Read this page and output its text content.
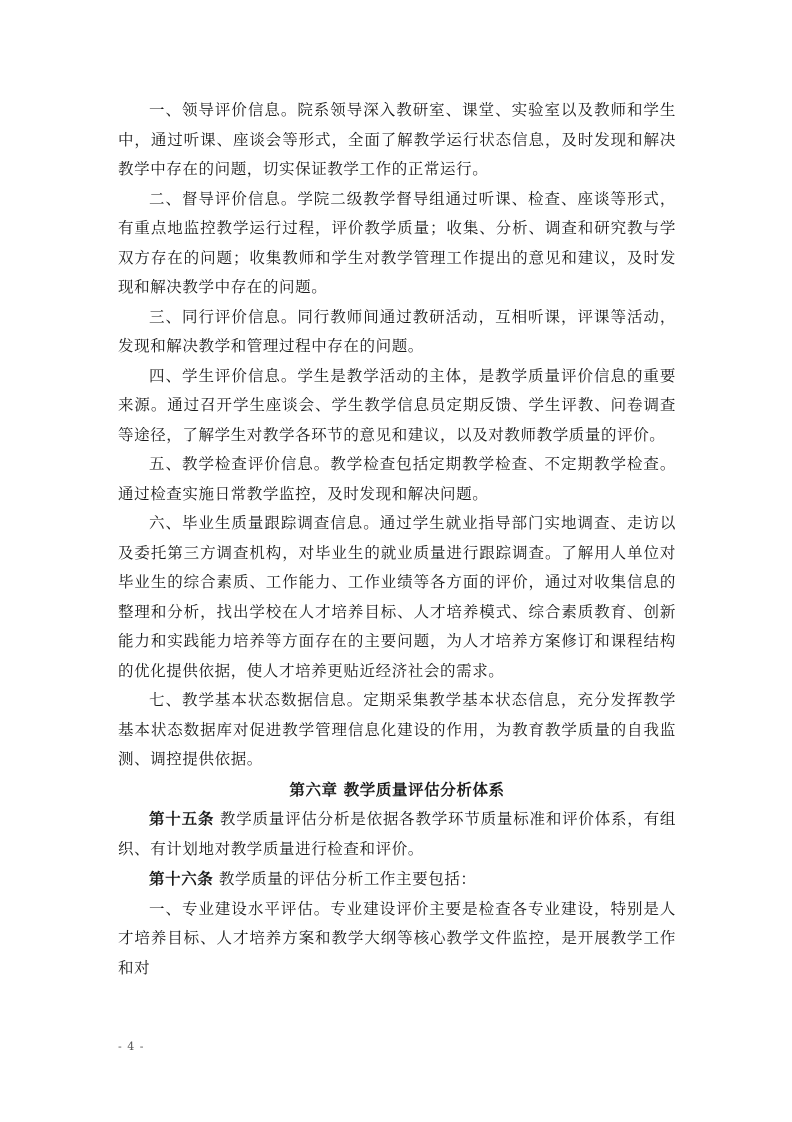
一、领导评价信息。院系领导深入教研室、课堂、实验室以及教师和学生中，通过听课、座谈会等形式，全面了解教学运行状态信息，及时发现和解决教学中存在的问题，切实保证教学工作的正常运行。

二、督导评价信息。学院二级教学督导组通过听课、检查、座谈等形式，有重点地监控教学运行过程，评价教学质量；收集、分析、调查和研究教与学双方存在的问题；收集教师和学生对教学管理工作提出的意见和建议，及时发现和解决教学中存在的问题。

三、同行评价信息。同行教师间通过教研活动，互相听课，评课等活动，发现和解决教学和管理过程中存在的问题。

四、学生评价信息。学生是教学活动的主体，是教学质量评价信息的重要来源。通过召开学生座谈会、学生教学信息员定期反馈、学生评教、问卷调查等途径，了解学生对教学各环节的意见和建议，以及对教师教学质量的评价。

五、教学检查评价信息。教学检查包括定期教学检查、不定期教学检查。通过检查实施日常教学监控，及时发现和解决问题。

六、毕业生质量跟踪调查信息。通过学生就业指导部门实地调查、走访以及委托第三方调查机构，对毕业生的就业质量进行跟踪调查。了解用人单位对毕业生的综合素质、工作能力、工作业绩等各方面的评价，通过对收集信息的整理和分析，找出学校在人才培养目标、人才培养模式、综合素质教育、创新能力和实践能力培养等方面存在的主要问题，为人才培养方案修订和课程结构的优化提供依据，使人才培养更贴近经济社会的需求。

七、教学基本状态数据信息。定期采集教学基本状态信息，充分发挥教学基本状态数据库对促进教学管理信息化建设的作用，为教育教学质量的自我监测、调控提供依据。

第六章 教学质量评估分析体系

第十五条 教学质量评估分析是依据各教学环节质量标准和评价体系，有组织、有计划地对教学质量进行检查和评价。

第十六条 教学质量的评估分析工作主要包括：

一、专业建设水平评估。专业建设评价主要是检查各专业建设，特别是人才培养目标、人才培养方案和教学大纲等核心教学文件监控，是开展教学工作和对

- 4 -
